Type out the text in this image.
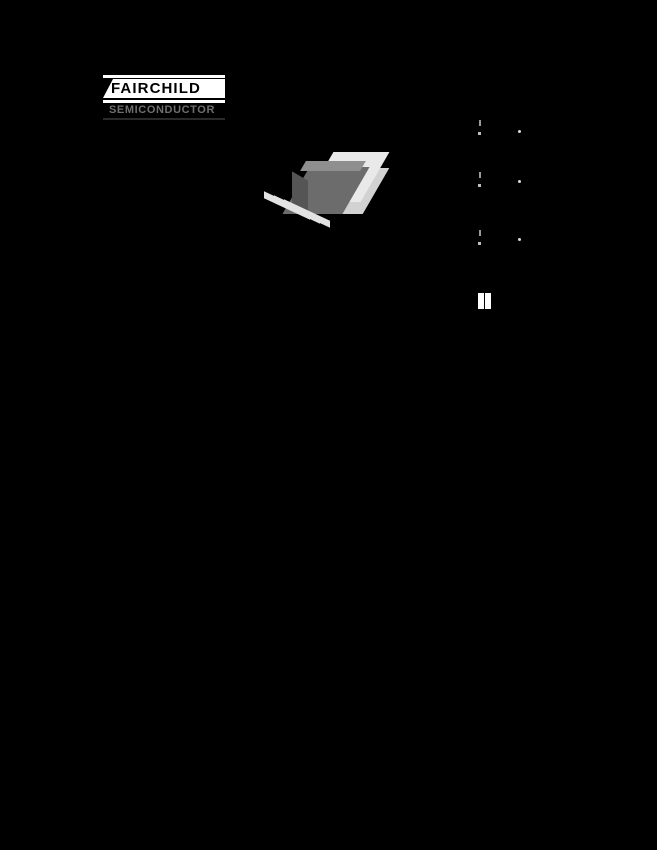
FAIRCHILD
SEMICONDUCTOR
